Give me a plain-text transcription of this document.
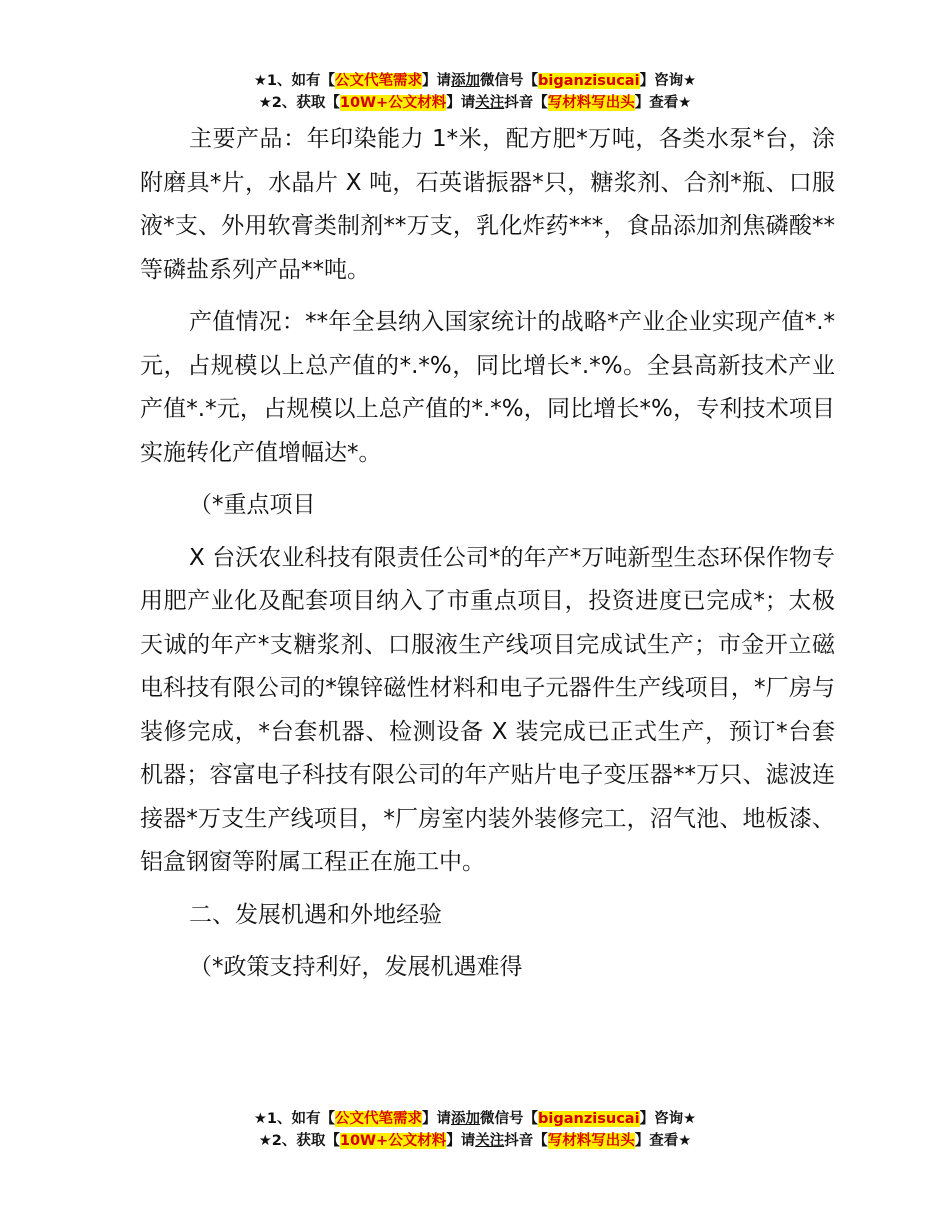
★1、如有【公文代笔需求】请添加微信号【biganzisucai】咨询★
★2、获取【10W+公文材料】请关注抖音【写材料写出头】查看★

主要产品：年印染能力 1*米，配方肥*万吨，各类水泵*台，涂附磨具*片，水晶片 X 吨，石英谐振器*只，糖浆剂、合剂*瓶、口服液*支、外用软膏类制剂**万支，乳化炸药***，食品添加剂焦磷酸**等磷盐系列产品**吨。

产值情况：**年全县纳入国家统计的战略*产业企业实现产值*.*元，占规模以上总产值的*.*%，同比增长*.*%。全县高新技术产业产值*.*元，占规模以上总产值的*.*%，同比增长*%，专利技术项目实施转化产值增幅达*。

（*重点项目

X 台沃农业科技有限责任公司*的年产*万吨新型生态环保作物专用肥产业化及配套项目纳入了市重点项目，投资进度已完成*；太极天诚的年产*支糖浆剂、口服液生产线项目完成试生产；市金开立磁电科技有限公司的*镍锌磁性材料和电子元器件生产线项目，*厂房与装修完成，*台套机器、检测设备 X 装完成已正式生产，预订*台套机器；容富电子科技有限公司的年产贴片电子变压器**万只、滤波连接器*万支生产线项目，*厂房室内装外装修完工，沼气池、地板漆、铝盒钢窗等附属工程正在施工中。

二、发展机遇和外地经验

（*政策支持利好，发展机遇难得

★1、如有【公文代笔需求】请添加微信号【biganzisucai】咨询★
★2、获取【10W+公文材料】请关注抖音【写材料写出头】查看★
